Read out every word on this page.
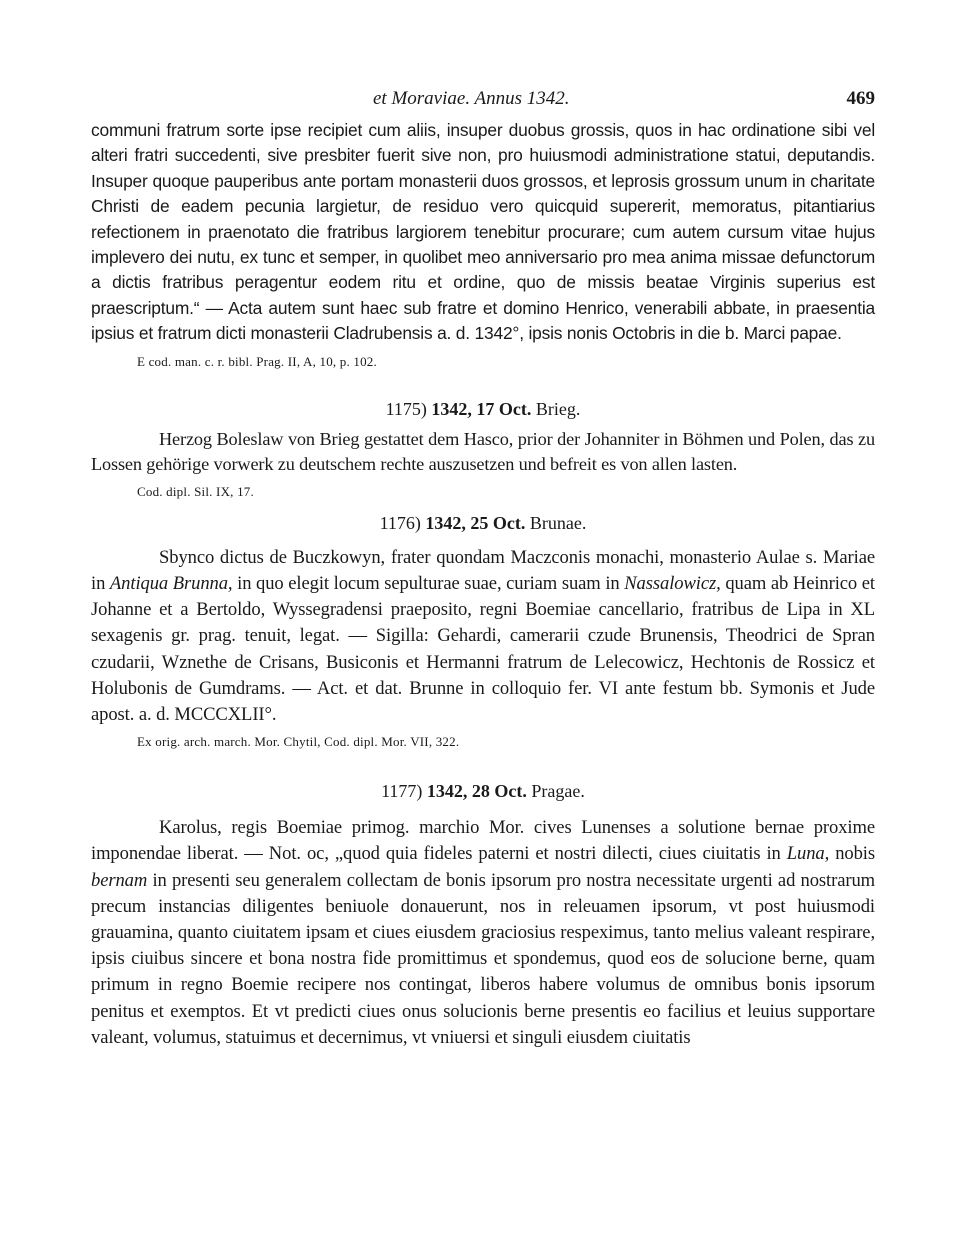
et Moraviae. Annus 1342.	469

communi fratrum sorte ipse recipiet cum aliis, insuper duobus grossis, quos in hac ordinatione sibi vel alteri fratri succedenti, sive presbiter fuerit sive non, pro huiusmodi administratione statui, deputandis. Insuper quoque pauperibus ante portam monasterii duos grossos, et leprosis grossum unum in charitate Christi de eadem pecunia largietur, de residuo vero quicquid supererit, memoratus, pitantiarius refectionem in praenotato die fratribus largiorem tenebitur procurare; cum autem cursum vitae hujus implevero dei nutu, ex tunc et semper, in quolibet meo anniversario pro mea anima missae defunctorum a dictis fratribus peragentur eodem ritu et ordine, quo de missis beatae Virginis superius est praescriptum.“ — Acta autem sunt haec sub fratre et domino Henrico, venerabili abbate, in praesentia ipsius et fratrum dicti monasterii Cladrubensis a. d. 1342°, ipsis nonis Octobris in die b. Marci papae.

E cod. man. c. r. bibl. Prag. II, A, 10, p. 102.
1175) 1342, 17 Oct. Brieg.

Herzog Boleslaw von Brieg gestattet dem Hasco, prior der Johanniter in Böhmen und Polen, das zu Lossen gehörige vorwerk zu deutschem rechte auszusetzen und befreit es von allen lasten.

Cod. dipl. Sil. IX, 17.
1176) 1342, 25 Oct. Brunae.

Sbynco dictus de Buczkowyn, frater quondam Maczconis monachi, monasterio Aulae s. Mariae in Antiqua Brunna, in quo elegit locum sepulturae suae, curiam suam in Nassalowicz, quam ab Heinrico et Johanne et a Bertoldo, Wyssegradensi praeposito, regni Boemiae cancellario, fratribus de Lipa in XL sexagenis gr. prag. tenuit, legat. — Sigilla: Gehardi, camerarii czude Brunensis, Theodrici de Spran czudarii, Wznethe de Crisans, Busiconis et Hermanni fratrum de Lelecowicz, Hechtonis de Rossicz et Holubonis de Gumdrams. — Act. et dat. Brunne in colloquio fer. VI ante festum bb. Symonis et Jude apost. a. d. MCCCXLII°.

Ex orig. arch. march. Mor. Chytil, Cod. dipl. Mor. VII, 322.
1177) 1342, 28 Oct. Pragae.

Karolus, regis Boemiae primog. marchio Mor. cives Lunenses a solutione bernae proxime imponendae liberat. — Not. oc, „quod quia fideles paterni et nostri dilecti, ciues ciuitatis in Luna, nobis bernam in presenti seu generalem collectam de bonis ipsorum pro nostra necessitate urgenti ad nostrarum precum instancias diligentes beniuole donauerunt, nos in releuamen ipsorum, vt post huiusmodi grauamina, quanto ciuitatem ipsam et ciues eiusdem graciosius respeximus, tanto melius valeant respirare, ipsis ciuibus sincere et bona nostra fide promittimus et spondemus, quod eos de solucione berne, quam primum in regno Boemie recipere nos contingat, liberos habere volumus de omnibus bonis ipsorum penitus et exemptos. Et vt predicti ciues onus solucionis berne presentis eo facilius et leuius supportare valeant, volumus, statuimus et decernimus, vt vniuersi et singuli eiusdem ciuitatis
